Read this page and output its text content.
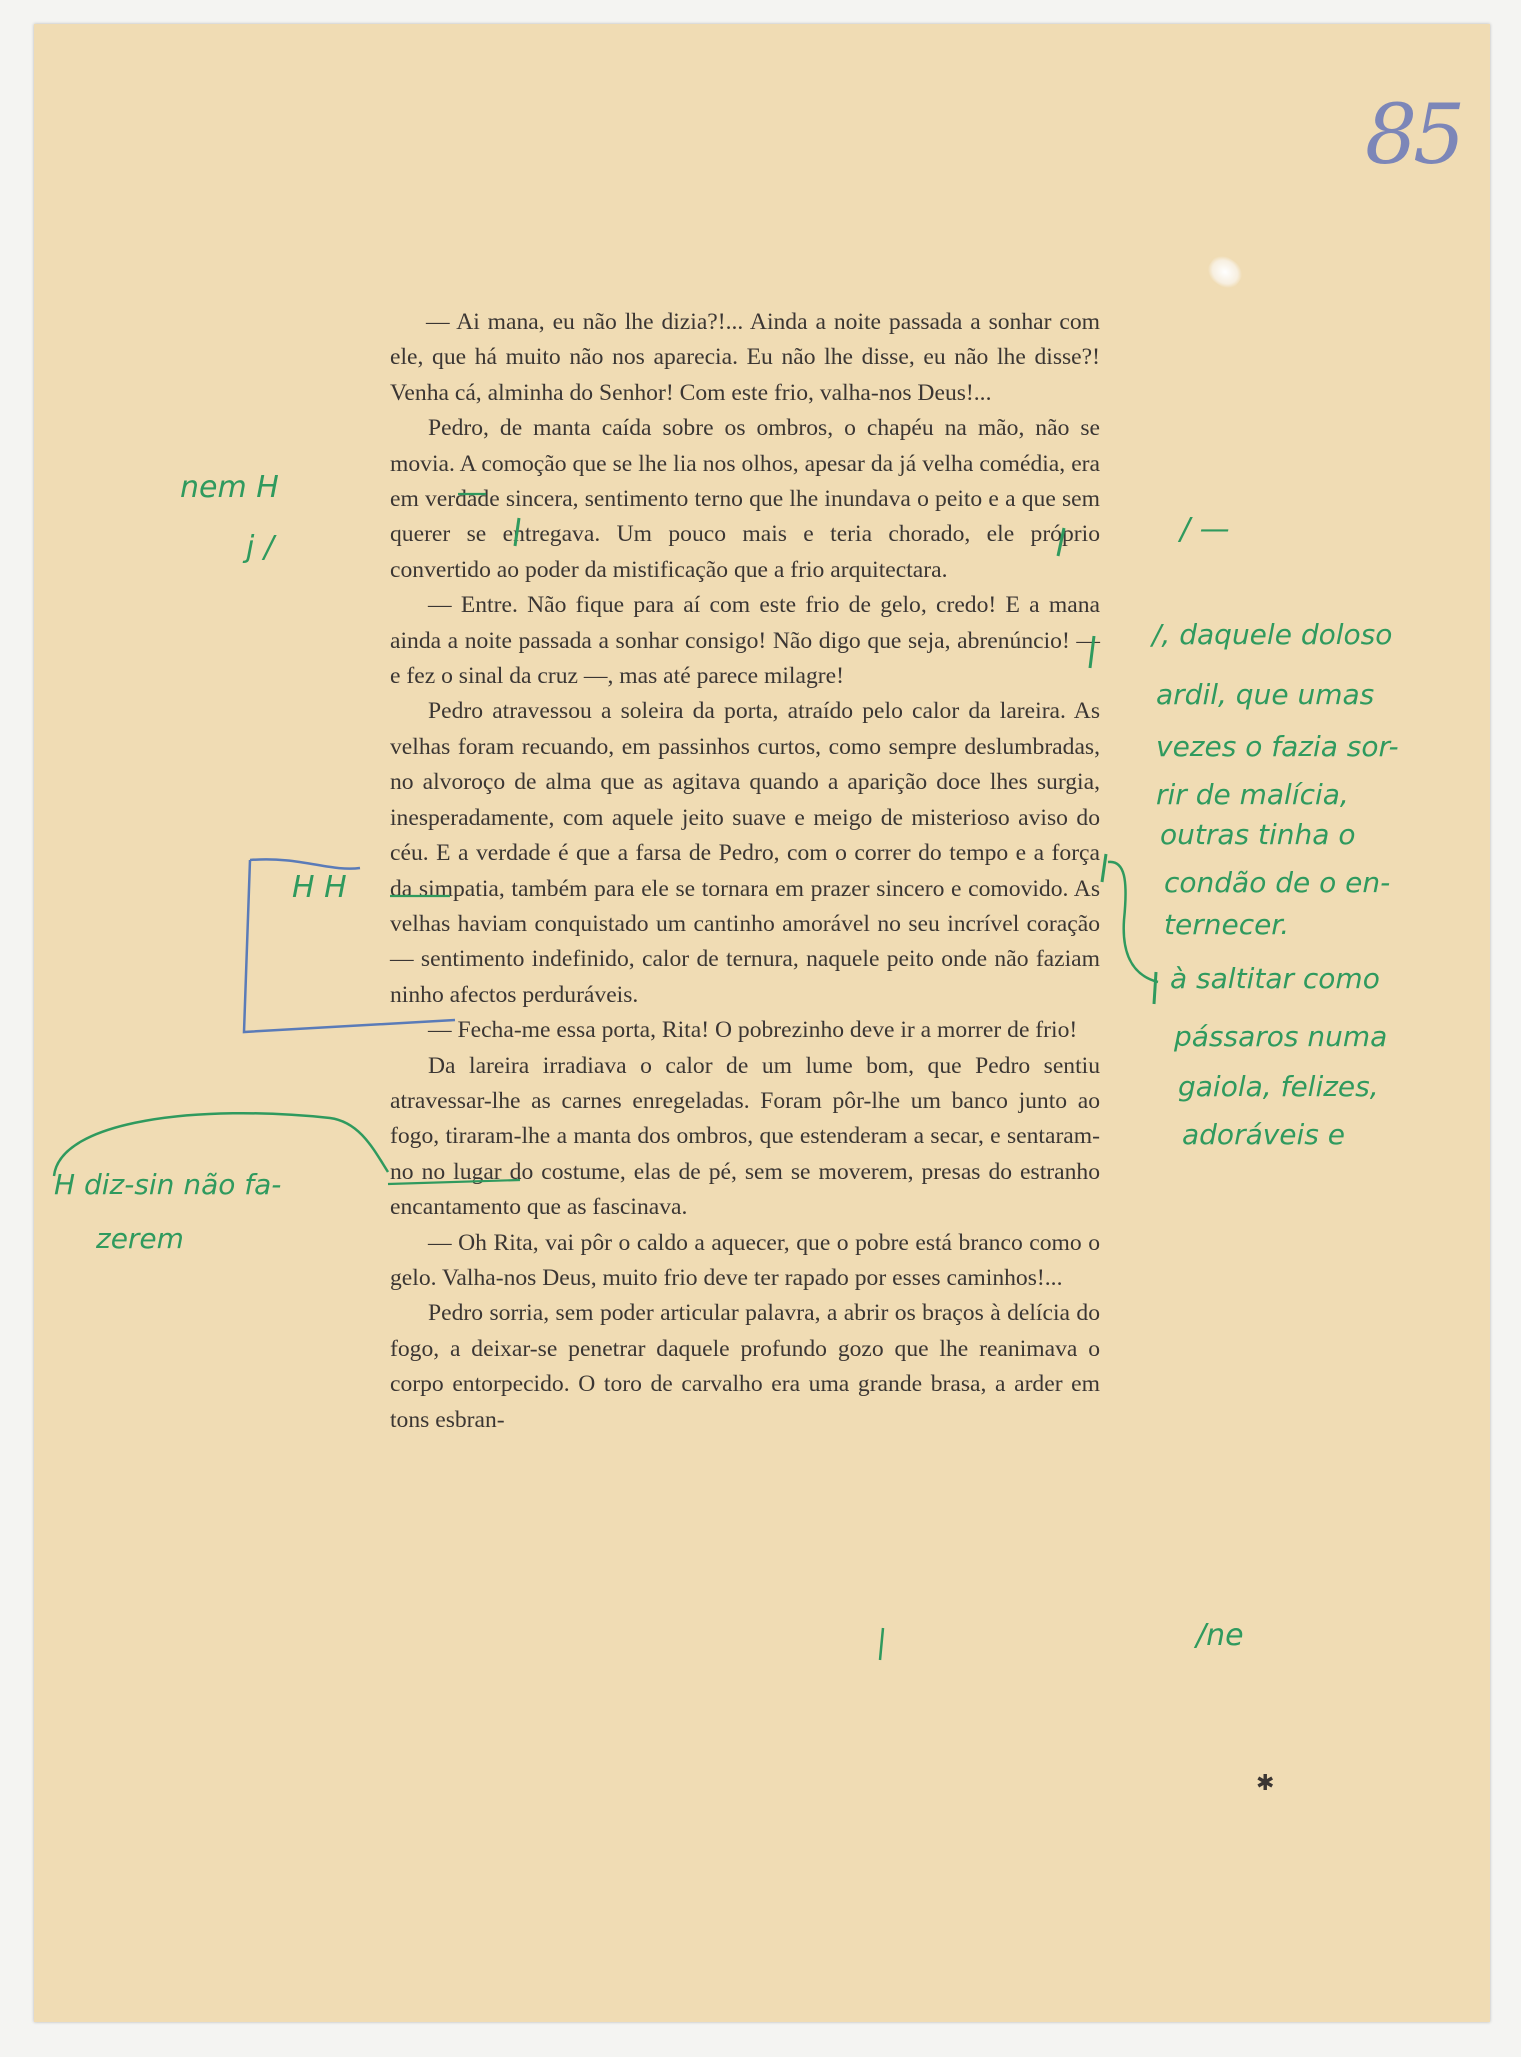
85

— Ai mana, eu não lhe dizia?!... Ainda a noite passada a sonhar com ele, que há muito não nos aparecia. Eu não lhe disse, eu não lhe disse?! Venha cá, alminha do Senhor! Com este frio, valha-nos Deus!...

Pedro, de manta caída sobre os ombros, o chapéu na mão, não se movia. A comoção que se lhe lia nos olhos, apesar da já velha comédia, era em verdade sincera, sentimento terno que lhe inundava o peito e a que sem querer se entregava. Um pouco mais e teria chorado, ele próprio convertido ao poder da mistificação que a frio arquitectara.

— Entre. Não fique para aí com este frio de gelo, credo! E a mana ainda a noite passada a sonhar consigo! Não digo que seja, abrenúncio! — e fez o sinal da cruz —, mas até parece milagre!

Pedro atravessou a soleira da porta, atraído pelo calor da lareira. As velhas foram recuando, em passinhos curtos, como sempre deslumbradas, no alvoroço de alma que as agitava quando a aparição doce lhes surgia, inesperadamente, com aquele jeito suave e meigo de misterioso aviso do céu. E a verdade é que a farsa de Pedro, com o correr do tempo e a força da simpatia, também para ele se tornara em prazer sincero e comovido. As velhas haviam conquistado um cantinho amorável no seu incrível coração — sentimento indefinido, calor de ternura, naquele peito onde não faziam ninho afectos perduráveis.

— Fecha-me essa porta, Rita! O pobrezinho deve ir a morrer de frio!

Da lareira irradiava o calor de um lume bom, que Pedro sentiu atravessar-lhe as carnes enregeladas. Foram pôr-lhe um banco junto ao fogo, tiraram-lhe a manta dos ombros, que estenderam a secar, e sentaram-no no lugar do costume, elas de pé, sem se moverem, presas do estranho encantamento que as fascinava.

— Oh Rita, vai pôr o caldo a aquecer, que o pobre está branco como o gelo. Valha-nos Deus, muito frio deve ter rapado por esses caminhos!...

Pedro sorria, sem poder articular palavra, a abrir os braços à delícia do fogo, a deixar-se penetrar daquele profundo gozo que lhe reanimava o corpo entorpecido. O toro de carvalho era uma grande brasa, a arder em tons esbran-

nem H
j /
H H
H diz-sin não fa-
zerem
/ —
/, daquele doloso
ardil, que umas
vezes o fazia sor-
rir de malícia,
outras tinha o
condão de o en-
ternecer.
à saltitar como
pássaros numa
gaiola, felizes,
adoráveis e
/ne
✱
